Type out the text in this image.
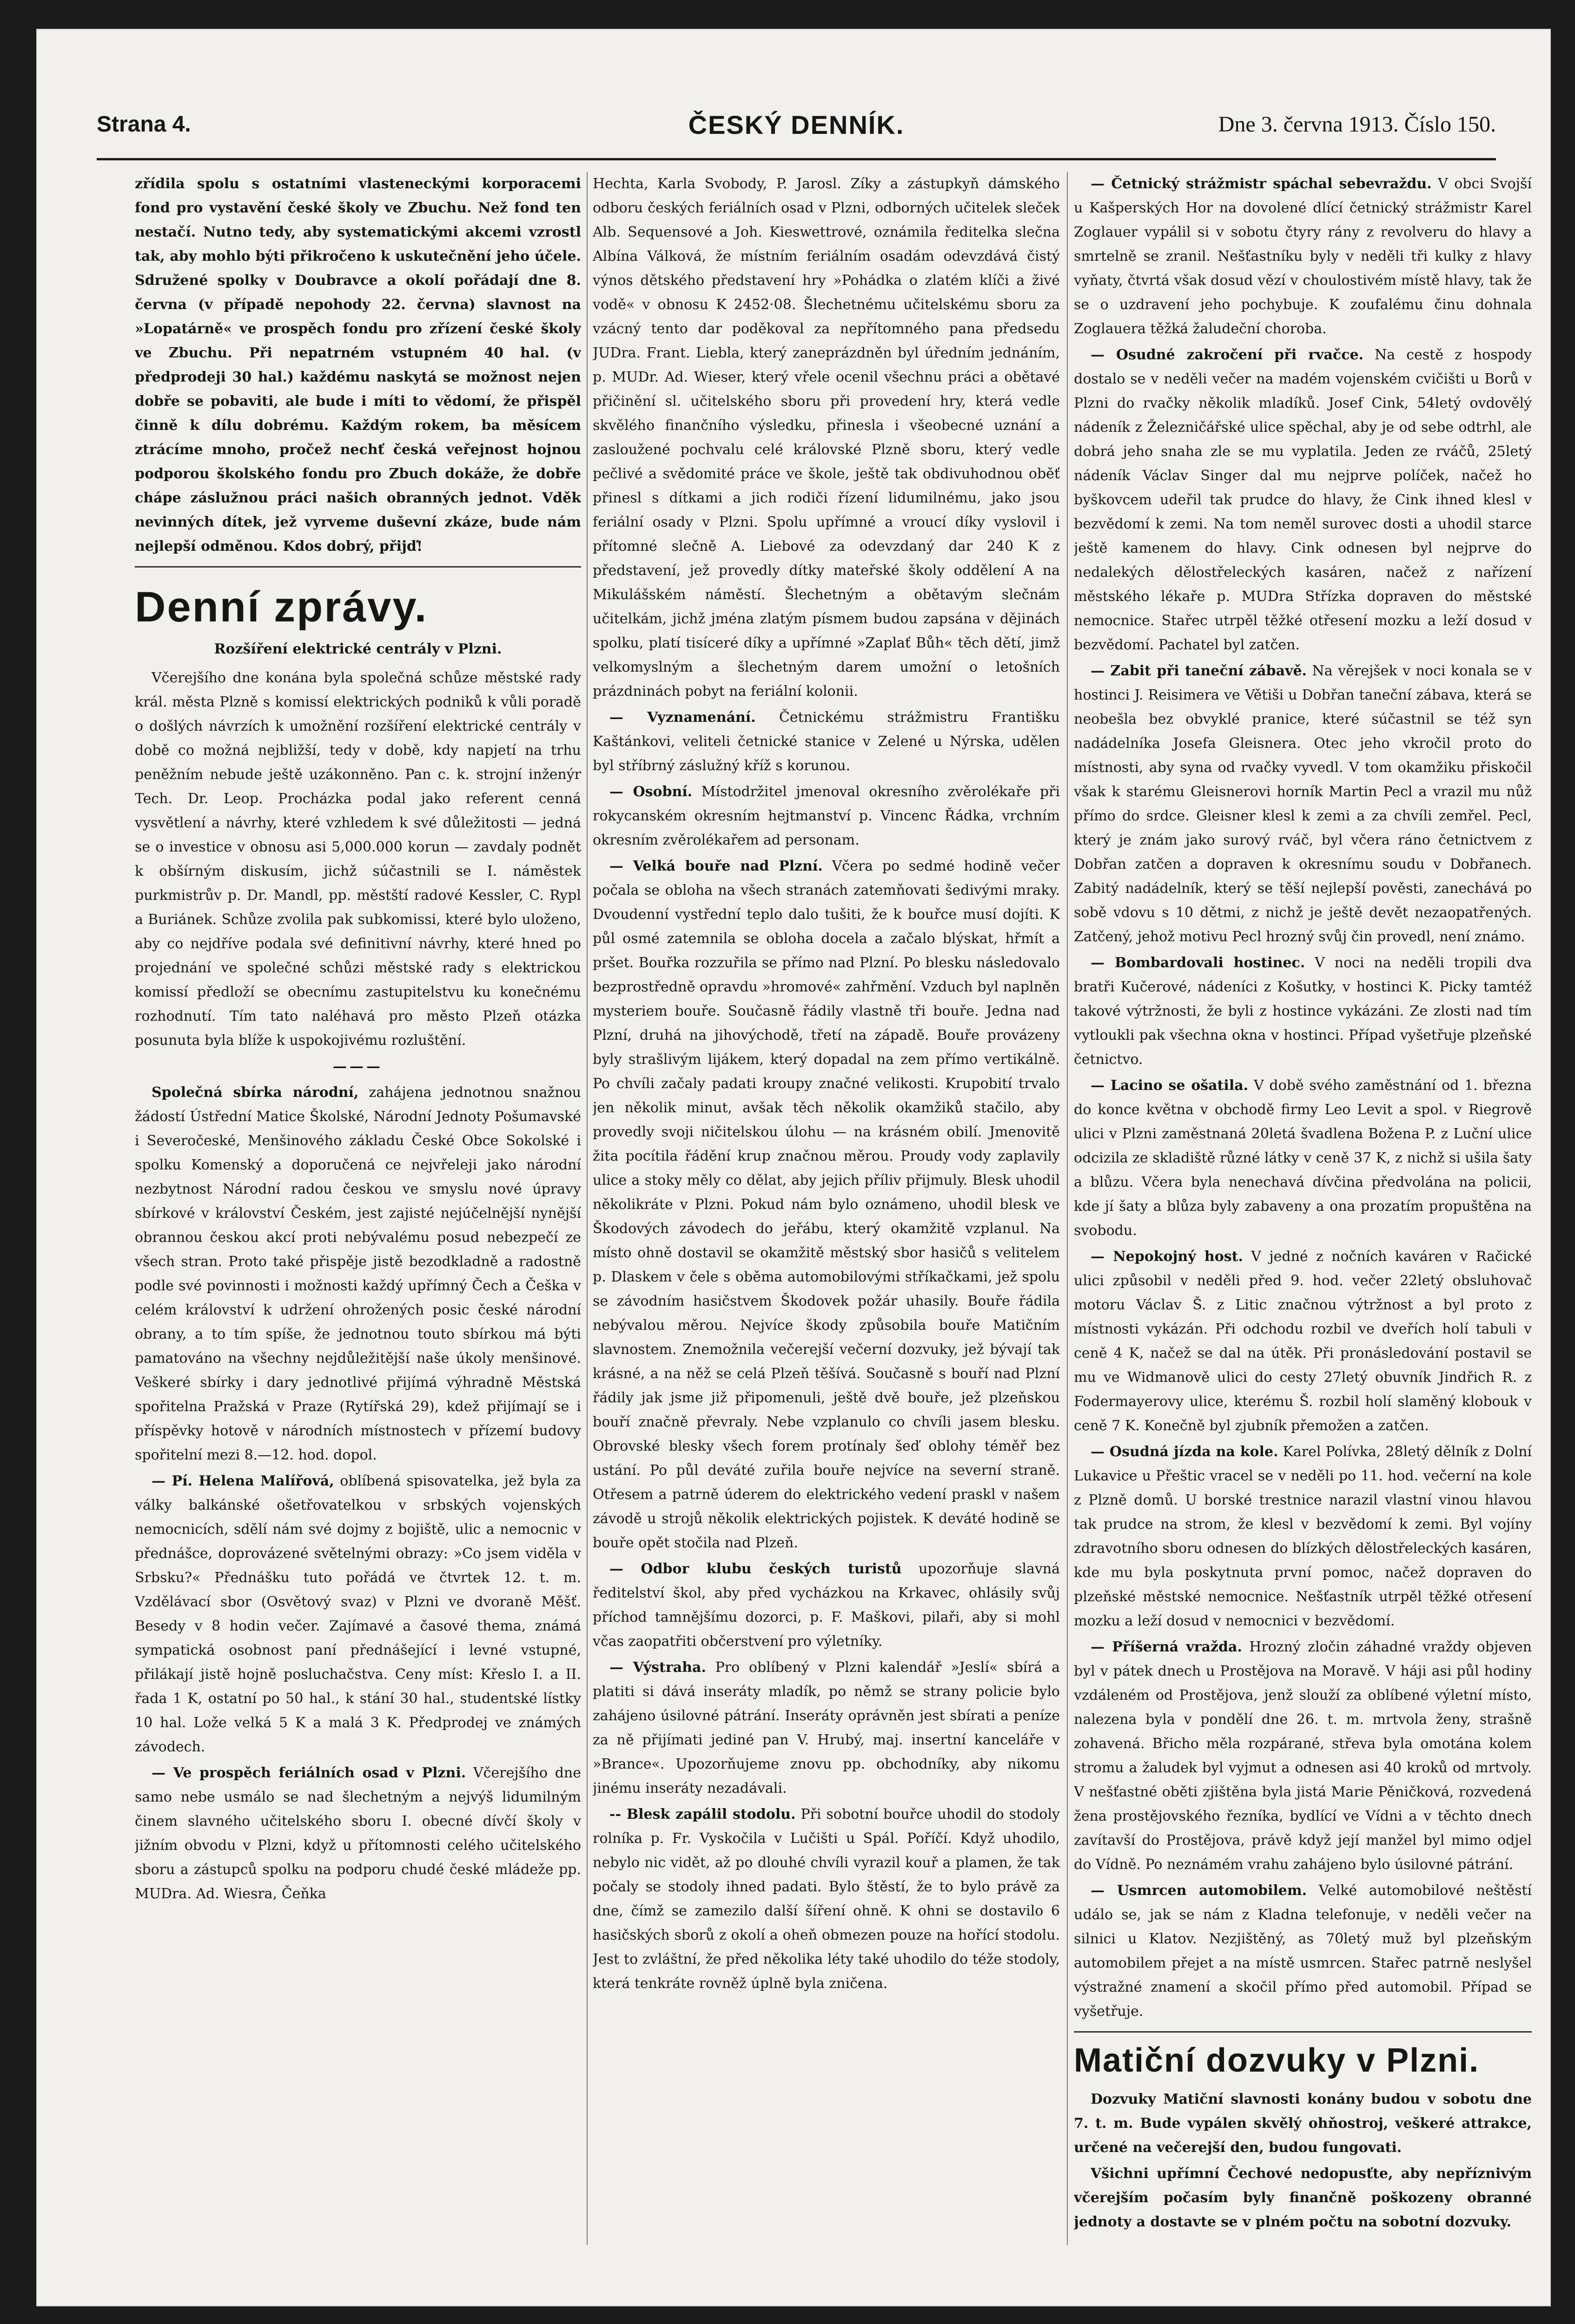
Strana 4.	ČESKÝ DENNÍK.	Dne 3. června 1913. Číslo 150.

zřídila spolu s ostatními vlasteneckými korporacemi fond pro vystavění české školy ve Zbuchu. Než fond ten nestačí. Nutno tedy, aby systematickými akcemi vzrostl tak, aby mohlo býti přikročeno k uskutečnění jeho účele. Sdružené spolky v Doubravce a okolí pořádají dne 8. června (v případě nepohody 22. června) slavnost na »Lopatárně« ve prospěch fondu pro zřízení české školy ve Zbuchu. Při nepatrném vstupném 40 hal. (v předprodeji 30 hal.) každému naskytá se možnost nejen dobře se pobaviti, ale bude i míti to vědomí, že přispěl činně k dílu dobrému. Každým rokem, ba měsícem ztrácíme mnoho, pročež nechť česká veřejnost hojnou podporou školského fondu pro Zbuch dokáže, že dobře chápe záslužnou práci našich obranných jednot. Vděk nevinných dítek, jež vyrveme duševní zkáze, bude nám nejlepší odměnou. Kdos dobrý, přijď!

Denní zprávy.

Rozšíření elektrické centrály v Plzni.

Včerejšího dne konána byla společná schůze městské rady král. města Plzně s komissí elektrických podniků k vůli poradě o došlých návrzích k umožnění rozšíření elektrické centrály v době co možná nejbližší, tedy v době, kdy napjetí na trhu peněžním nebude ještě uzákonněno. Pan c. k. strojní inženýr Tech. Dr. Leop. Procházka podal jako referent cenná vysvětlení a návrhy, které vzhledem k své důležitosti — jedná se o investice v obnosu asi 5,000.000 korun — zavdaly podnět k obšírným diskusím, jichž súčastnili se I. náměstek purkmistrův p. Dr. Mandl, pp. městští radové Kessler, C. Rypl a Buriánek. Schůze zvolila pak subkomissi, které bylo uloženo, aby co nejdříve podala své definitivní návrhy, které hned po projednání ve společné schůzi městské rady s elektrickou komissí předloží se obecnímu zastupitelstvu ku konečnému rozhodnutí. Tím tato naléhavá pro město Plzeň otázka posunuta byla blíže k uspokojivému rozluštění.

———

Společná sbírka národní, zahájena jednotnou snažnou žádostí Ústřední Matice Školské, Národní Jednoty Pošumavské i Severočeské, Menšinového základu České Obce Sokolské i spolku Komenský a doporučená ce nejvřeleji jako národní nezbytnost Národní radou českou ve smyslu nové úpravy sbírkové v království Českém, jest zajisté nejúčelnější nynější obrannou českou akcí proti nebývalému posud nebezpečí ze všech stran. Proto také přispěje jistě bezodkladně a radostně podle své povinnosti i možnosti každý upřímný Čech a Češka v celém království k udržení ohrožených posic české národní obrany, a to tím spíše, že jednotnou touto sbírkou má býti pamatováno na všechny nejdůležitější naše úkoly menšinové. Veškeré sbírky i dary jednotlivé přijímá výhradně Městská spořitelna Pražská v Praze (Rytířská 29), kdež přijímají se i příspěvky hotově v národních místnostech v přízemí budovy spořitelní mezi 8.—12. hod. dopol.

— Pí. Helena Malířová, oblíbená spisovatelka, jež byla za války balkánské ošetřovatelkou v srbských vojenských nemocnicích, sdělí nám své dojmy z bojiště, ulic a nemocnic v přednášce, doprovázené světelnými obrazy: »Co jsem viděla v Srbsku?« Přednášku tuto pořádá ve čtvrtek 12. t. m. Vzdělávací sbor (Osvětový svaz) v Plzni ve dvoraně Měšť. Besedy v 8 hodin večer. Zajímavé a časové thema, známá sympatická osobnost paní přednášející i levné vstupné, přilákají jistě hojně posluchačstva. Ceny míst: Křeslo I. a II. řada 1 K, ostatní po 50 hal., k stání 30 hal., studentské lístky 10 hal. Lože velká 5 K a malá 3 K. Předprodej ve známých závodech.

— Ve prospěch feriálních osad v Plzni. Včerejšího dne samo nebe usmálo se nad šlechetným a nejvýš lidumilným činem slavného učitelského sboru I. obecné dívčí školy v jižním obvodu v Plzni, když u přítomnosti celého učitelského sboru a zástupců spolku na podporu chudé české mládeže pp. MUDra. Ad. Wiesra, Čeňka

Hechta, Karla Svobody, P. Jarosl. Zíky a zástupkyň dámského odboru českých feriálních osad v Plzni, odborných učitelek sleček Alb. Sequensové a Joh. Kieswettrové, oznámila ředitelka slečna Albína Válková, že místním feriálním osadám odevzdává čistý výnos dětského představení hry »Pohádka o zlatém klíči a živé vodě« v obnosu K 2452·08. Šlechetnému učitelskému sboru za vzácný tento dar poděkoval za nepřítomného pana předsedu JUDra. Frant. Liebla, který zaneprázdněn byl úředním jednáním, p. MUDr. Ad. Wieser, který vřele ocenil všechnu práci a obětavé přičinění sl. učitelského sboru při provedení hry, která vedle skvělého finančního výsledku, přinesla i všeobecné uznání a zasloužené pochvalu celé královské Plzně sboru, který vedle pečlivé a svědomité práce ve škole, ještě tak obdivuhodnou oběť přinesl s dítkami a jich rodiči řízení lidumilnému, jako jsou feriální osady v Plzni. Spolu upřímné a vroucí díky vyslovil i přítomné slečně A. Liebové za odevzdaný dar 240 K z představení, jež provedly dítky mateřské školy oddělení A na Mikulášském náměstí. Šlechetným a obětavým slečnám učitelkám, jichž jména zlatým písmem budou zapsána v dějinách spolku, platí tisíceré díky a upřímné »Zaplať Bůh« těch dětí, jimž velkomyslným a šlechetným darem umožní o letošních prázdninách pobyt na feriální kolonii.

— Vyznamenání. Četnickému strážmistru Františku Kaštánkovi, veliteli četnické stanice v Zelené u Nýrska, udělen byl stříbrný záslužný kříž s korunou.

— Osobní. Místodržitel jmenoval okresního zvěrolékaře při rokycanském okresním hejtmanství p. Vincenc Řádka, vrchním okresním zvěrolékařem ad personam.

— Velká bouře nad Plzní. Včera po sedmé hodině večer počala se obloha na všech stranách zatemňovati šedivými mraky. Dvoudenní vystřední teplo dalo tušiti, že k bouřce musí dojíti. K půl osmé zatemnila se obloha docela a začalo blýskat, hřmít a pršet. Bouřka rozzuřila se přímo nad Plzní. Po blesku následovalo bezprostředně opravdu »hromové« zahřmění. Vzduch byl naplněn mysteriem bouře. Současně řádily vlastně tři bouře. Jedna nad Plzní, druhá na jihovýchodě, třetí na západě. Bouře provázeny byly strašlivým lijákem, který dopadal na zem přímo vertikálně. Po chvíli začaly padati kroupy značné velikosti. Krupobití trvalo jen několik minut, avšak těch několik okamžiků stačilo, aby provedly svoji ničitelskou úlohu — na krásném obilí. Jmenovitě žita pocítila řádění krup značnou měrou. Proudy vody zaplavily ulice a stoky měly co dělat, aby jejich příliv přijmuly. Blesk uhodil několikráte v Plzni. Pokud nám bylo oznámeno, uhodil blesk ve Škodových závodech do jeřábu, který okamžitě vzplanul. Na místo ohně dostavil se okamžitě městský sbor hasičů s velitelem p. Dlaskem v čele s oběma automobilovými stříkačkami, jež spolu se závodním hasičstvem Škodovek požár uhasily. Bouře řádila nebývalou měrou. Nejvíce škody způsobila bouře Matičním slavnostem. Znemožnila večerejší večerní dozvuky, jež bývají tak krásné, a na něž se celá Plzeň těšívá. Současně s bouří nad Plzní řádily jak jsme již připomenuli, ještě dvě bouře, jež plzeňskou bouří značně převraly. Nebe vzplanulo co chvíli jasem blesku. Obrovské blesky všech forem protínaly šeď oblohy téměř bez ustání. Po půl deváté zuřila bouře nejvíce na severní straně. Otřesem a patrně úderem do elektrického vedení praskl v našem závodě u strojů několik elektrických pojistek. K deváté hodině se bouře opět stočila nad Plzeň.

— Odbor klubu českých turistů upozorňuje slavná ředitelství škol, aby před vycházkou na Krkavec, ohlásily svůj příchod tamnějšímu dozorci, p. F. Maškovi, pilaři, aby si mohl včas zaopatřiti občerstvení pro výletníky.

— Výstraha. Pro oblíbený v Plzni kalendář »Jeslí« sbírá a platiti si dává inseráty mladík, po němž se strany policie bylo zahájeno úsilovné pátrání. Inseráty oprávněn jest sbírati a peníze za ně přijímati jediné pan V. Hrubý, maj. insertní kanceláře v »Brance«. Upozorňujeme znovu pp. obchodníky, aby nikomu jinému inseráty nezadávali.

-- Blesk zapálil stodolu. Při sobotní bouřce uhodil do stodoly rolníka p. Fr. Vyskočila v Lučišti u Spál. Poříčí. Když uhodilo, nebylo nic vidět, až po dlouhé chvíli vyrazil kouř a plamen, že tak počaly se stodoly ihned padati. Bylo štěstí, že to bylo právě za dne, čímž se zamezilo další šíření ohně. K ohni se dostavilo 6 hasičských sborů z okolí a oheň obmezen pouze na hořící stodolu. Jest to zvláštní, že před několika léty také uhodilo do téže stodoly, která tenkráte rovněž úplně byla zničena.

— Četnický strážmistr spáchal sebevraždu. V obci Svojší u Kašperských Hor na dovolené dlící četnický strážmistr Karel Zoglauer vypálil si v sobotu čtyry rány z revolveru do hlavy a smrtelně se zranil. Nešťastníku byly v neděli tři kulky z hlavy vyňaty, čtvrtá však dosud vězí v choulostivém místě hlavy, tak že se o uzdravení jeho pochybuje. K zoufalému činu dohnala Zoglauera těžká žaludeční choroba.

— Osudné zakročení při rvačce. Na cestě z hospody dostalo se v neděli večer na madém vojenském cvičišti u Borů v Plzni do rvačky několik mladíků. Josef Cink, 54letý ovdovělý nádeník z Železničářské ulice spěchal, aby je od sebe odtrhl, ale dobrá jeho snaha zle se mu vyplatila. Jeden ze rváčů, 25letý nádeník Václav Singer dal mu nejprve políček, načež ho byškovcem udeřil tak prudce do hlavy, že Cink ihned klesl v bezvědomí k zemi. Na tom neměl surovec dosti a uhodil starce ještě kamenem do hlavy. Cink odnesen byl nejprve do nedalekých dělostřeleckých kasáren, načež z nařízení městského lékaře p. MUDra Střízka dopraven do městské nemocnice. Stařec utrpěl těžké otřesení mozku a leží dosud v bezvědomí. Pachatel byl zatčen.

— Zabit při taneční zábavě. Na věrejšek v noci konala se v hostinci J. Reisimera ve Větiši u Dobřan taneční zábava, která se neobešla bez obvyklé pranice, které súčastnil se též syn nadádelníka Josefa Gleisnera. Otec jeho vkročil proto do místnosti, aby syna od rvačky vyvedl. V tom okamžiku přiskočil však k starému Gleisnerovi horník Martin Pecl a vrazil mu nůž přímo do srdce. Gleisner klesl k zemi a za chvíli zemřel. Pecl, který je znám jako surový rváč, byl včera ráno četnictvem z Dobřan zatčen a dopraven k okresnímu soudu v Dobřanech. Zabitý nadádelník, který se těší nejlepší pověsti, zanechává po sobě vdovu s 10 dětmi, z nichž je ještě devět nezaopatřených. Zatčený, jehož motivu Pecl hrozný svůj čin provedl, není známo.

— Bombardovali hostinec. V noci na neděli tropili dva bratři Kučerové, nádeníci z Košutky, v hostinci K. Picky tamtéž takové výtržnosti, že byli z hostince vykázáni. Ze zlosti nad tím vytloukli pak všechna okna v hostinci. Případ vyšetřuje plzeňské četnictvo.

— Lacino se ošatila. V době svého zaměstnání od 1. března do konce května v obchodě firmy Leo Levit a spol. v Riegrově ulici v Plzni zaměstnaná 20letá švadlena Božena P. z Luční ulice odcizila ze skladiště různé látky v ceně 37 K, z nichž si ušila šaty a blůzu. Včera byla nenechavá dívčina předvolána na policii, kde jí šaty a blůza byly zabaveny a ona prozatím propuštěna na svobodu.

— Nepokojný host. V jedné z nočních kaváren v Račické ulici způsobil v neděli před 9. hod. večer 22letý obsluhovač motoru Václav Š. z Litic značnou výtržnost a byl proto z místnosti vykázán. Při odchodu rozbil ve dveřích holí tabuli v ceně 4 K, načež se dal na útěk. Při pronásledování postavil se mu ve Widmanově ulici do cesty 27letý obuvník Jindřich R. z Fodermayerovy ulice, kterému Š. rozbil holí slaměný klobouk v ceně 7 K. Konečně byl zjubník přemožen a zatčen.

— Osudná jízda na kole. Karel Polívka, 28letý dělník z Dolní Lukavice u Přeštic vracel se v neděli po 11. hod. večerní na kole z Plzně domů. U borské trestnice narazil vlastní vinou hlavou tak prudce na strom, že klesl v bezvědomí k zemi. Byl vojíny zdravotního sboru odnesen do blízkých dělostřeleckých kasáren, kde mu byla poskytnuta první pomoc, načež dopraven do plzeňské městské nemocnice. Nešťastník utrpěl těžké otřesení mozku a leží dosud v nemocnici v bezvědomí.

— Příšerná vražda. Hrozný zločin záhadné vraždy objeven byl v pátek dnech u Prostějova na Moravě. V háji asi půl hodiny vzdáleném od Prostějova, jenž slouží za oblíbené výletní místo, nalezena byla v pondělí dne 26. t. m. mrtvola ženy, strašně zohavená. Břicho měla rozpárané, střeva byla omotána kolem stromu a žaludek byl vyjmut a odnesen asi 40 kroků od mrtvoly. V nešťastné oběti zjištěna byla jistá Marie Pěničková, rozvedená žena prostějovského řezníka, bydlící ve Vídni a v těchto dnech zavítavší do Prostějova, právě když její manžel byl mimo odjel do Vídně. Po neznámém vrahu zahájeno bylo úsilovné pátrání.

— Usmrcen automobilem. Velké automobilové neštěstí událo se, jak se nám z Kladna telefonuje, v neděli večer na silnici u Klatov. Nezjištěný, as 70letý muž byl plzeňským automobilem přejet a na místě usmrcen. Stařec patrně neslyšel výstražné znamení a skočil přímo před automobil. Případ se vyšetřuje.

Matiční dozvuky v Plzni.

Dozvuky Matiční slavnosti konány budou v sobotu dne 7. t. m. Bude vypálen skvělý ohňostroj, veškeré attrakce, určené na večerejší den, budou fungovati.

Všichni upřímní Čechové nedopusťte, aby nepříznivým včerejším počasím byly finančně poškozeny obranné jednoty a dostavte se v plném počtu na sobotní dozvuky.
